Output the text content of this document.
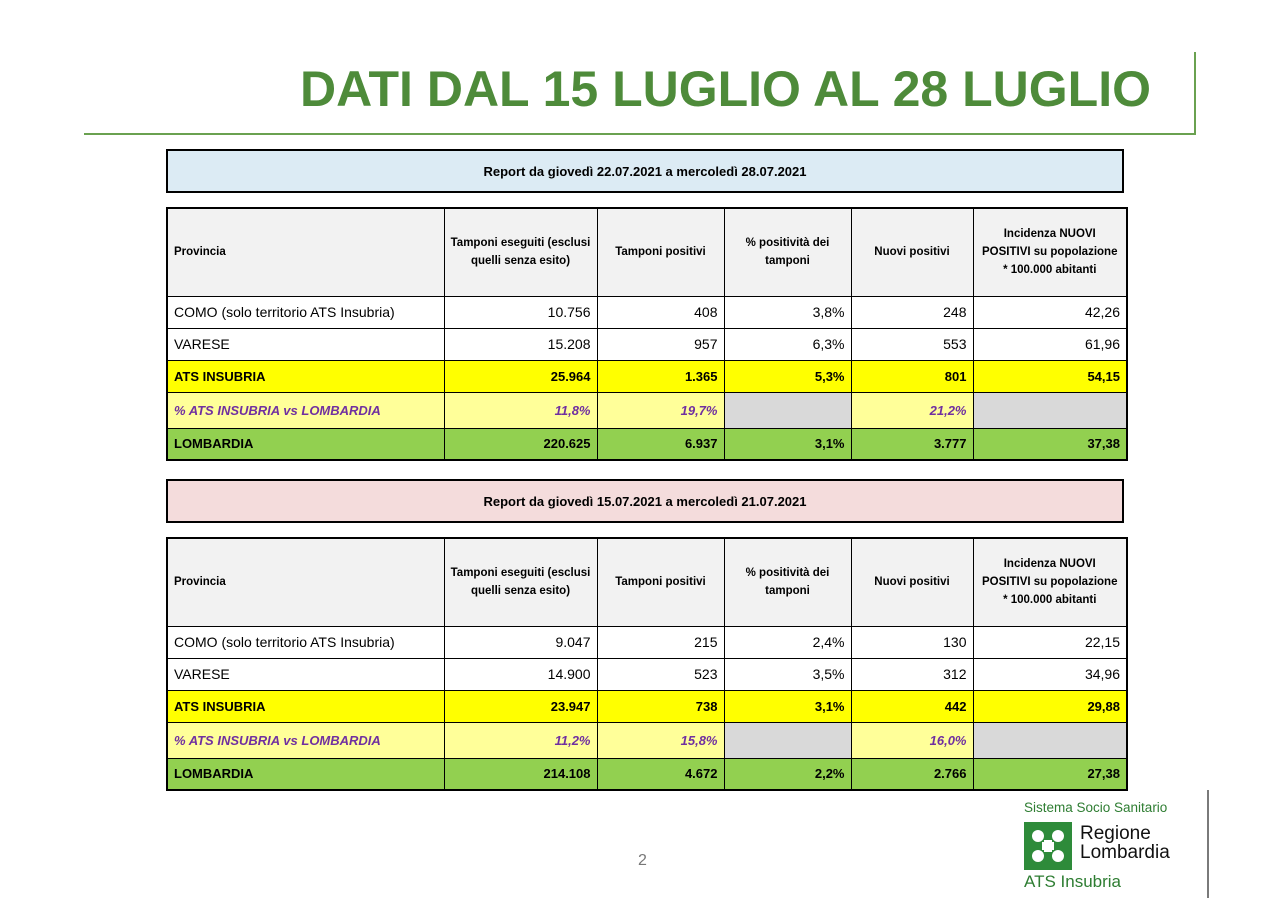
DATI DAL 15 LUGLIO AL 28 LUGLIO
Report da giovedì 22.07.2021 a mercoledì 28.07.2021
Provincia	Tamponi eseguiti (esclusi quelli senza esito)	Tamponi positivi	% positività dei tamponi	Nuovi positivi	Incidenza NUOVI POSITIVI su popolazione * 100.000 abitanti
COMO (solo territorio ATS Insubria)	10.756	408	3,8%	248	42,26
VARESE	15.208	957	6,3%	553	61,96
ATS INSUBRIA	25.964	1.365	5,3%	801	54,15
% ATS INSUBRIA vs LOMBARDIA	11,8%	19,7%		21,2%	
LOMBARDIA	220.625	6.937	3,1%	3.777	37,38
Report da giovedì 15.07.2021 a mercoledì 21.07.2021
Provincia	Tamponi eseguiti (esclusi quelli senza esito)	Tamponi positivi	% positività dei tamponi	Nuovi positivi	Incidenza NUOVI POSITIVI su popolazione * 100.000 abitanti
COMO (solo territorio ATS Insubria)	9.047	215	2,4%	130	22,15
VARESE	14.900	523	3,5%	312	34,96
ATS INSUBRIA	23.947	738	3,1%	442	29,88
% ATS INSUBRIA vs LOMBARDIA	11,2%	15,8%		16,0%	
LOMBARDIA	214.108	4.672	2,2%	2.766	27,38
2
Sistema Socio Sanitario
Regione
Lombardia
ATS Insubria
